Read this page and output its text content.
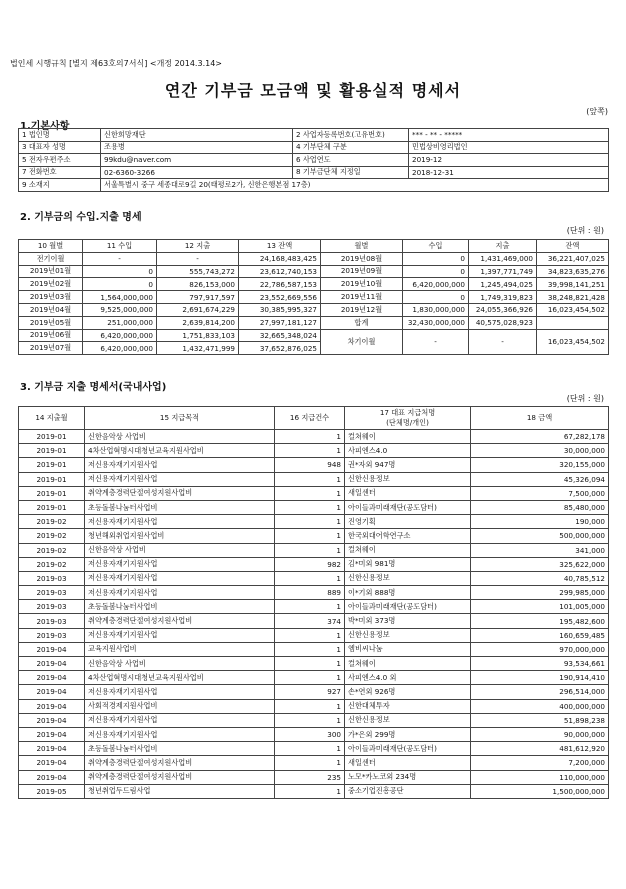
법인세 시행규칙 [별지 제63호의7서식] <개정 2014.3.14>
연간 기부금 모금액 및 활용실적 명세서
(앞쪽)
1.기본사항
1 법인명	신한희망재단	2 사업자등록번호(고유번호)	*** - ** - *****
3 대표자 성명	조용병	4 기부단체 구분	민법상비영리법인
5 전자우편주소	99kdu@naver.com	6 사업연도	2019-12
7 전화번호	02-6360-3266	8 기부금단체 지정일	2018-12-31
9 소재지	서울특별시 중구 세종대로9길 20(태평로2가, 신한은행본점 17층)		
2. 기부금의 수입.지출 명세
(단위 : 원)
10 월별	11 수입	12 지출	13 잔액	월별	수입	지출	잔액
전기이월	-	-	24,168,483,425	2019년08월	0	1,431,469,000	36,221,407,025
2019년01월	0	555,743,272	23,612,740,153	2019년09월	0	1,397,771,749	34,823,635,276
2019년02월	0	826,153,000	22,786,587,153	2019년10월	6,420,000,000	1,245,494,025	39,998,141,251
2019년03월	1,564,000,000	797,917,597	23,552,669,556	2019년11월	0	1,749,319,823	38,248,821,428
2019년04월	9,525,000,000	2,691,674,229	30,385,995,327	2019년12월	1,830,000,000	24,055,366,926	16,023,454,502
2019년05월	251,000,000	2,639,814,200	27,997,181,127	합계	32,430,000,000	40,575,028,923	
2019년06월	6,420,000,000	1,751,833,103	32,665,348,024	차기이월	-	-	16,023,454,502
2019년07월	6,420,000,000	1,432,471,999	37,652,876,025				
3. 기부금 지출 명세서(국내사업)
(단위 : 원)
14 지출월	15 지급목적	16 지급건수	17 대표 지급처명
(단체명/개인)	18 금액
2019-01	신한음악상 사업비	1	컬쳐웨이	67,282,178
2019-01	4차산업혁명시대청년교육지원사업비	1	사피엔스4.0	30,000,000
2019-01	저신용자재기지원사업	948	권*자외 947명	320,155,000
2019-01	저신용자재기지원사업	1	신한신용정보	45,326,094
2019-01	취약계층경력단절여성지원사업비	1	새일센터	7,500,000
2019-01	초등돌봄나눔터사업비	1	아이들과미래재단(공도담터)	85,480,000
2019-02	저신용자재기지원사업	1	진영기획	190,000
2019-02	청년해외취업지원사업비	1	한국외대어학연구소	500,000,000
2019-02	신한음악상 사업비	1	컬쳐웨이	341,000
2019-02	저신용자재기지원사업	982	김*미외 981명	325,622,000
2019-03	저신용자재기지원사업	1	신한신용정보	40,785,512
2019-03	저신용자재기지원사업	889	이*기외 888명	299,985,000
2019-03	초등돌봄나눔터사업비	1	아이들과미래재단(공도담터)	101,005,000
2019-03	취약계층경력단절여성지원사업비	374	박*미외 373명	195,482,600
2019-03	저신용자재기지원사업	1	신한신용정보	160,659,485
2019-04	교육지원사업비	1	엠비씨나눔	970,000,000
2019-04	신한음악상 사업비	1	컬쳐웨이	93,534,661
2019-04	4차산업혁명시대청년교육지원사업비	1	사피엔스4.0 외	190,914,410
2019-04	저신용자재기지원사업	927	손*연외 926명	296,514,000
2019-04	사회적경제지원사업비	1	신한대체투자	400,000,000
2019-04	저신용자재기지원사업	1	신한신용정보	51,898,238
2019-04	저신용자재기지원사업	300	가*은외 299명	90,000,000
2019-04	초등돌봄나눔터사업비	1	아이들과미래재단(공도담터)	481,612,920
2019-04	취약계층경력단절여성지원사업비	1	새일센터	7,200,000
2019-04	취약계층경력단절여성지원사업비	235	노모*카노코외 234명	110,000,000
2019-05	청년취업두드림사업	1	중소기업진흥공단	1,500,000,000
